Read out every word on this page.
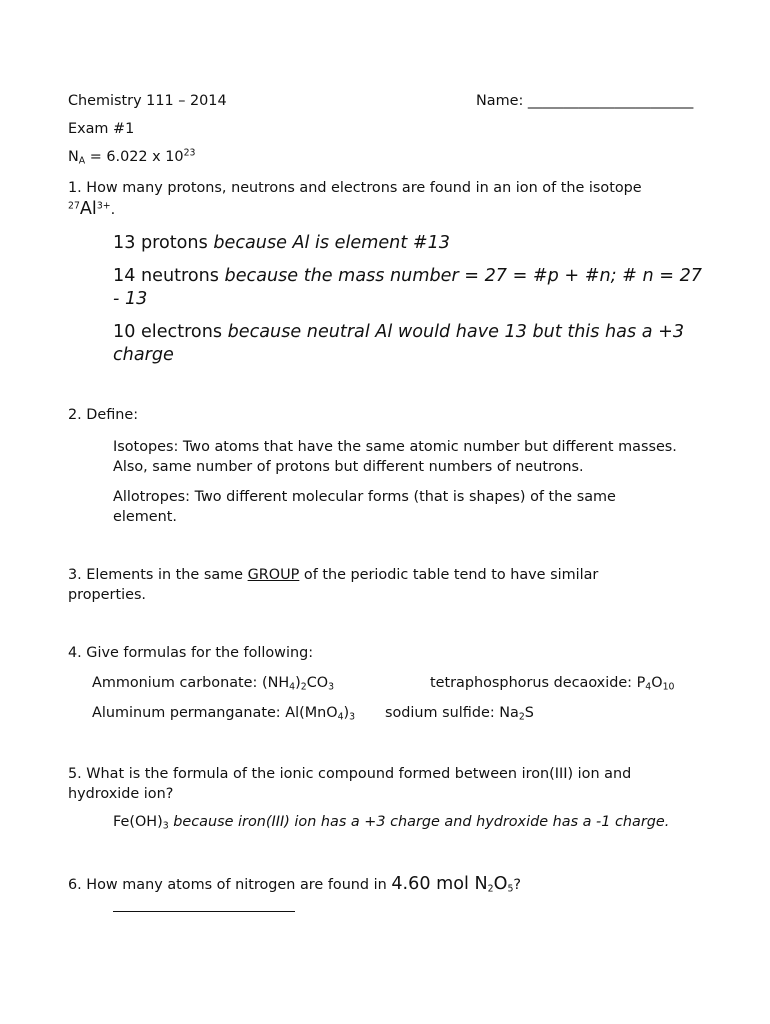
Chemistry 111 – 2014	Name: _______________________
Exam #1
$N_A = 6.022$ x $10^{23}$
1. How many protons, neutrons and electrons are found in an ion of the isotope
$^{27}Al^{3+}$.
13 protons because Al is element #13
14 neutrons because the mass number = 27 = #p + #n; # n = 27 - 13
10 electrons because neutral Al would have 13 but this has a +3 charge
2. Define:
Isotopes: Two atoms that have the same atomic number but different masses. Also, same number of protons but different numbers of neutrons.
Allotropes: Two different molecular forms (that is shapes) of the same element.
3. Elements in the same GROUP of the periodic table tend to have similar properties.
4. Give formulas for the following:
Ammonium carbonate: $(NH_4)_2CO_3$	tetraphosphorus decaoxide: $P_4O_{10}$
Aluminum permanganate: $Al(MnO_4)_3$ sodium sulfide: $Na_2S$
5. What is the formula of the ionic compound formed between iron(III) ion and hydroxide ion?
$Fe(OH)_3$ because iron(III) ion has a +3 charge and hydroxide has a -1 charge.
6. How many atoms of nitrogen are found in 4.60 mol $N_2O_5$?
